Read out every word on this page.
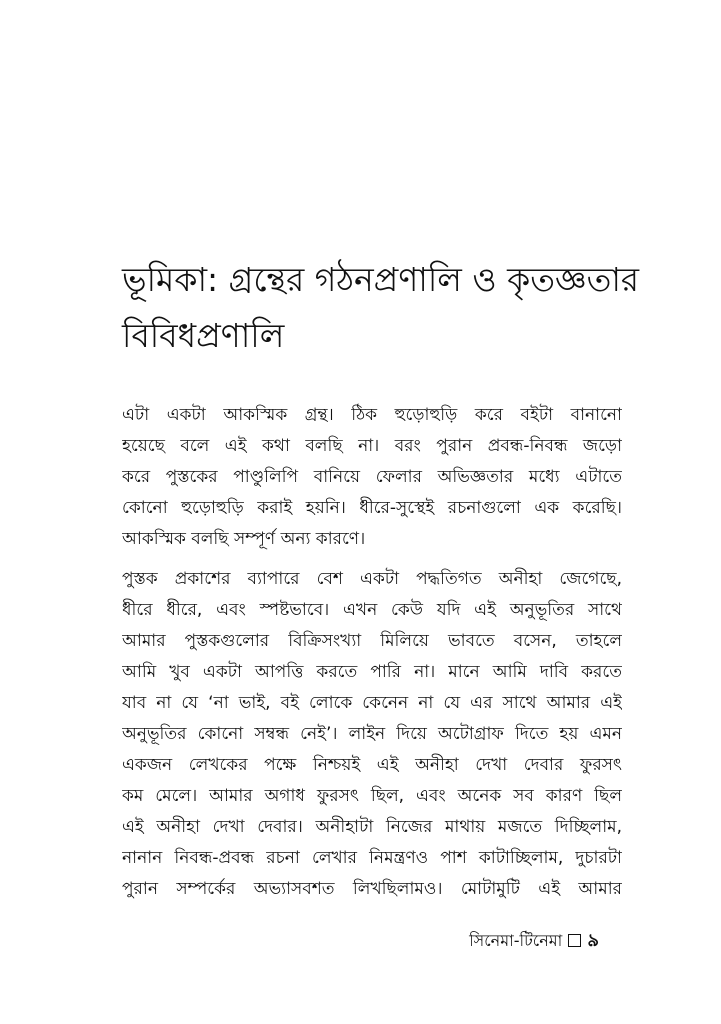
ভূমিকা: গ্রন্থের গঠনপ্রণালি ও কৃতজ্ঞতার
বিবিধপ্রণালি
এটা একটা আকস্মিক গ্রন্থ। ঠিক হুড়োহুড়ি করে বইটা বানানো
হয়েছে বলে এই কথা বলছি না। বরং পুরান প্রবন্ধ-নিবন্ধ জড়ো
করে পুস্তকের পাণ্ডুলিপি বানিয়ে ফেলার অভিজ্ঞতার মধ্যে এটাতে
কোনো হুড়োহুড়ি করাই হয়নি। ধীরে-সুস্থেই রচনাগুলো এক করেছি।
আকস্মিক বলছি সম্পূর্ণ অন্য কারণে।
পুস্তক প্রকাশের ব্যাপারে বেশ একটা পদ্ধতিগত অনীহা জেগেছে,
ধীরে ধীরে, এবং স্পষ্টভাবে। এখন কেউ যদি এই অনুভূতির সাথে
আমার পুস্তকগুলোর বিক্রিসংখ্যা মিলিয়ে ভাবতে বসেন, তাহলে
আমি খুব একটা আপত্তি করতে পারি না। মানে আমি দাবি করতে
যাব না যে ‘না ভাই, বই লোকে কেনেন না যে এর সাথে আমার এই
অনুভূতির কোনো সম্বন্ধ নেই’। লাইন দিয়ে অটোগ্রাফ দিতে হয় এমন
একজন লেখকের পক্ষে নিশ্চয়ই এই অনীহা দেখা দেবার ফুরসৎ
কম মেলে। আমার অগাধ ফুরসৎ ছিল, এবং অনেক সব কারণ ছিল
এই অনীহা দেখা দেবার। অনীহাটা নিজের মাথায় মজতে দিচ্ছিলাম,
নানান নিবন্ধ-প্রবন্ধ রচনা লেখার নিমন্ত্রণও পাশ কাটাচ্ছিলাম, দুচারটা
পুরান সম্পর্কের অভ্যাসবশত লিখছিলামও। মোটামুটি এই আমার
সিনেমা-টিনেমা ৯
